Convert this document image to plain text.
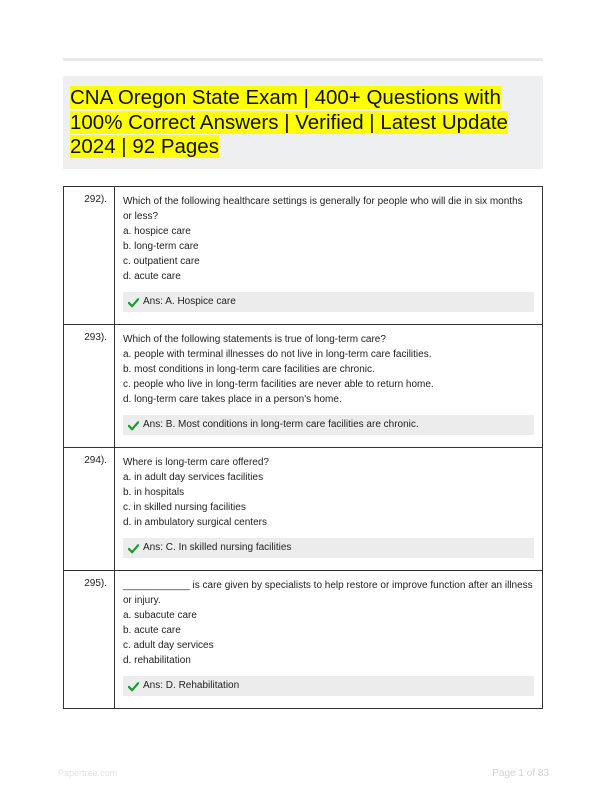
CNA Oregon State Exam | 400+ Questions with 100% Correct Answers | Verified | Latest Update 2024 | 92 Pages
292).	Which of the following healthcare settings is generally for people who will die in six months or less?

a. hospice care

b. long-term care

c. outpatient care

d. acute care

Ans: A. Hospice care
293).	Which of the following statements is true of long-term care?

a. people with terminal illnesses do not live in long-term care facilities.

b. most conditions in long-term care facilities are chronic.

c. people who live in long-term facilities are never able to return home.

d. long-term care takes place in a person's home.

Ans: B. Most conditions in long-term care facilities are chronic.
294).	Where is long-term care offered?

a. in adult day services facilities

b. in hospitals

c. in skilled nursing facilities

d. in ambulatory surgical centers

Ans: C. In skilled nursing facilities
295).	____________ is care given by specialists to help restore or improve function after an illness or injury.

a. subacute care

b. acute care

c. adult day services

d. rehabilitation

Ans: D. Rehabilitation
Papertree.com	Page 1 of 83
